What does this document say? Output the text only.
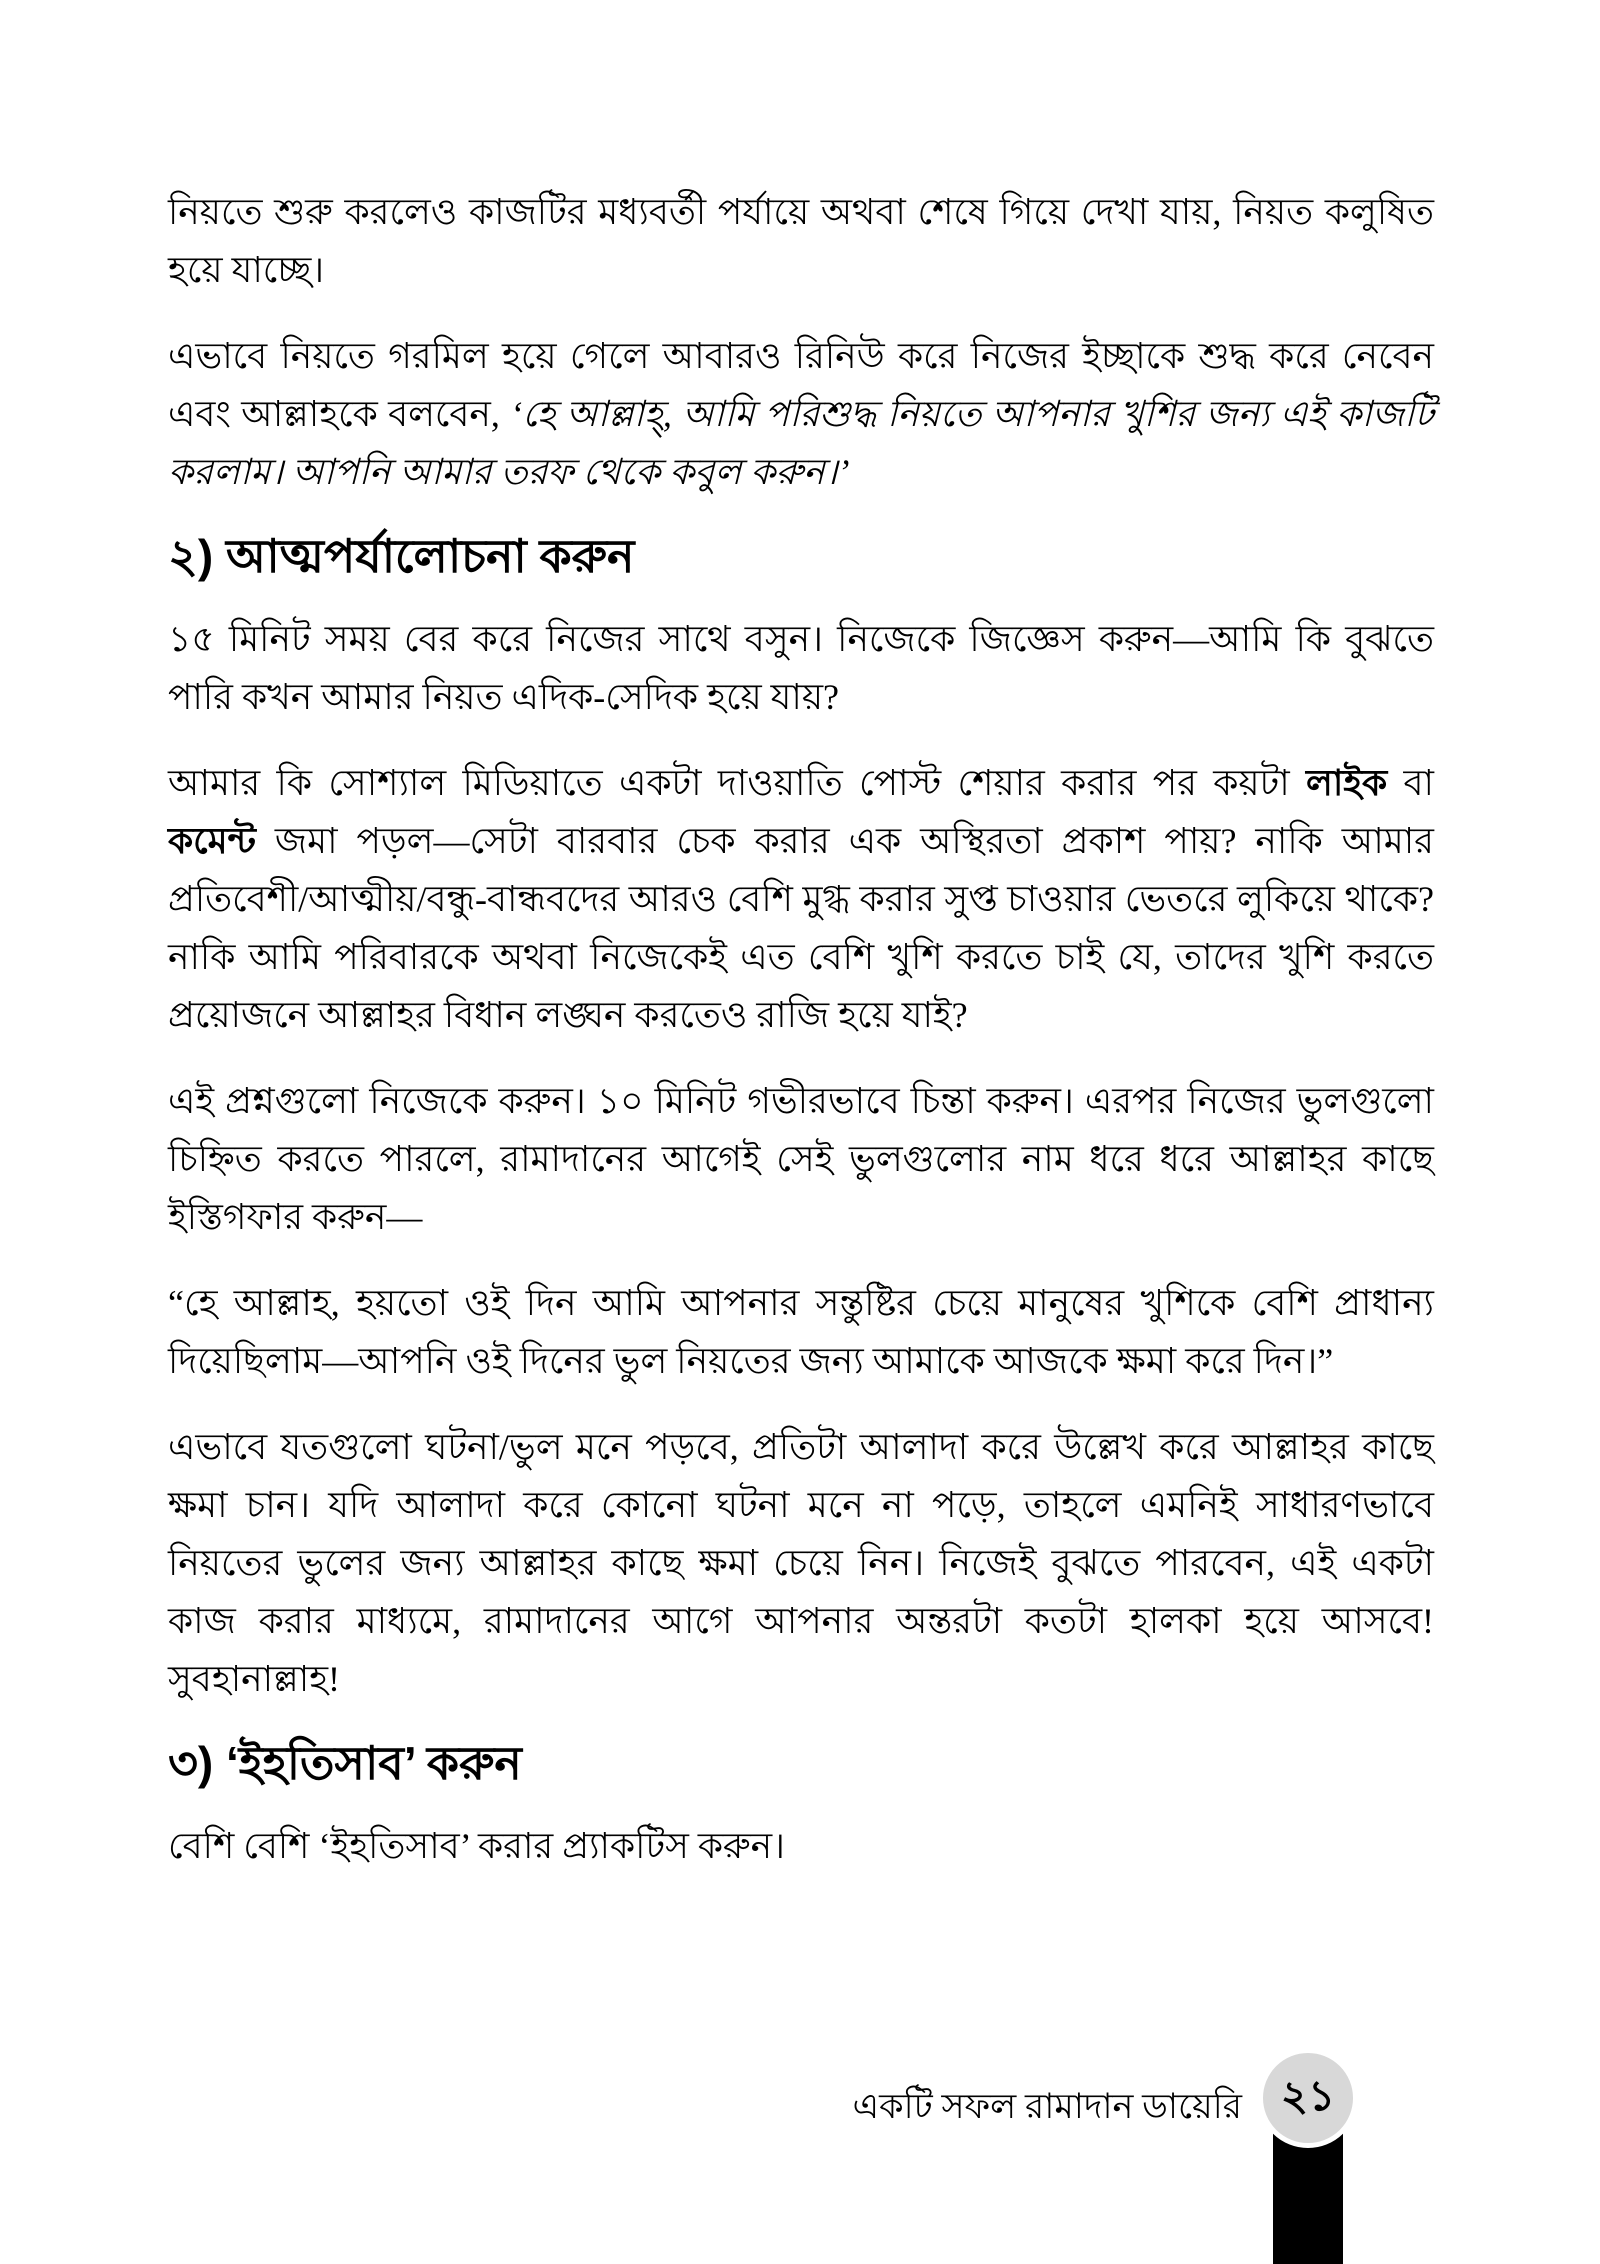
নিয়তে শুরু করলেও কাজটির মধ্যবর্তী পর্যায়ে অথবা শেষে গিয়ে দেখা যায়, নিয়ত কলুষিত হয়ে যাচ্ছে।

এভাবে নিয়তে গরমিল হয়ে গেলে আবারও রিনিউ করে নিজের ইচ্ছাকে শুদ্ধ করে নেবেন এবং আল্লাহকে বলবেন, ‘হে আল্লাহ্‌, আমি পরিশুদ্ধ নিয়তে আপনার খুশির জন্য এই কাজটি করলাম। আপনি আমার তরফ থেকে কবুল করুন।’

২) আত্মপর্যালোচনা করুন

১৫ মিনিট সময় বের করে নিজের সাথে বসুন। নিজেকে জিজ্ঞেস করুন—আমি কি বুঝতে পারি কখন আমার নিয়ত এদিক-সেদিক হয়ে যায়?

আমার কি সোশ্যাল মিডিয়াতে একটা দাওয়াতি পোস্ট শেয়ার করার পর কয়টা লাইক বা কমেন্ট জমা পড়ল—সেটা বারবার চেক করার এক অস্থিরতা প্রকাশ পায়? নাকি আমার প্রতিবেশী/আত্মীয়/বন্ধু-বান্ধবদের আরও বেশি মুগ্ধ করার সুপ্ত চাওয়ার ভেতরে লুকিয়ে থাকে? নাকি আমি পরিবারকে অথবা নিজেকেই এত বেশি খুশি করতে চাই যে, তাদের খুশি করতে প্রয়োজনে আল্লাহর বিধান লঙ্ঘন করতেও রাজি হয়ে যাই?

এই প্রশ্নগুলো নিজেকে করুন। ১০ মিনিট গভীরভাবে চিন্তা করুন। এরপর নিজের ভুলগুলো চিহ্নিত করতে পারলে, রামাদানের আগেই সেই ভুলগুলোর নাম ধরে ধরে আল্লাহর কাছে ইস্তিগফার করুন—

“হে আল্লাহ, হয়তো ওই দিন আমি আপনার সন্তুষ্টির চেয়ে মানুষের খুশিকে বেশি প্রাধান্য দিয়েছিলাম—আপনি ওই দিনের ভুল নিয়তের জন্য আমাকে আজকে ক্ষমা করে দিন।”

এভাবে যতগুলো ঘটনা/ভুল মনে পড়বে, প্রতিটা আলাদা করে উল্লেখ করে আল্লাহর কাছে ক্ষমা চান। যদি আলাদা করে কোনো ঘটনা মনে না পড়ে, তাহলে এমনিই সাধারণভাবে নিয়তের ভুলের জন্য আল্লাহর কাছে ক্ষমা চেয়ে নিন। নিজেই বুঝতে পারবেন, এই একটা কাজ করার মাধ্যমে, রামাদানের আগে আপনার অন্তরটা কতটা হালকা হয়ে আসবে! সুবহানাল্লাহ!

৩) ‘ইহতিসাব’ করুন

বেশি বেশি ‘ইহতিসাব’ করার প্র্যাকটিস করুন।

একটি সফল রামাদান ডায়েরি ২১
